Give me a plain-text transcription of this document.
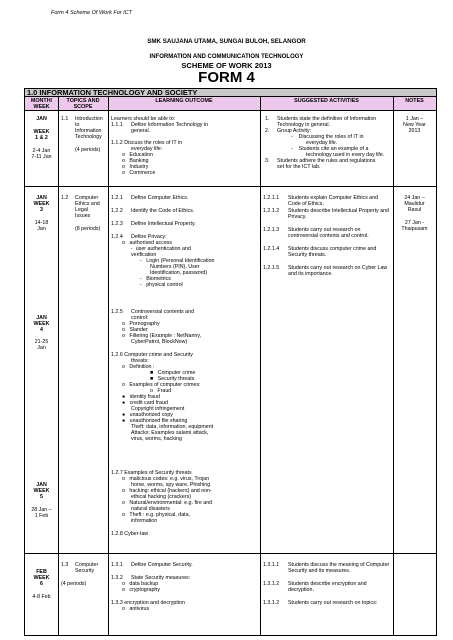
Form 4 Scheme Of Work For ICT
SMK SAUJANA UTAMA, SUNGAI BULOH, SELANGOR
INFORMATION AND COMMUNICATION TECHNOLOGY
SCHEME OF WORK 2013
FORM 4
1.0 INFORMATION TECHNOLOGY AND SOCIETY
MONTH/
WEEK
TOPICS AND
SCOPE
LEARNING OUTCOME	SUGGESTED ACTIVITIES	NOTES
JAN
WEEK
1 & 2
2-4 Jan
7-11 Jan
1.1 Introduction
to
Information
Technology
(4 periods)
Learners should be able to:
1.1.1 Define Information Technology in
general.
1.1.2 Discuss the roles of IT in
everyday life:
o   Education
o   Banking
o   Industry
o   Commerce
1. Students state the definition of Information
Technology in general.
2. Group Activity:
-    Discussing the roles of IT in
everyday life.
-    Students cite an example of a
technology used in every day life.
3. Students adhere the rules and regulations
set for the ICT lab.
1 Jan –
New Year
2013
JAN
WEEK
3
14-18
Jan
JAN
WEEK
4
21-25
Jan
JAN
WEEK
5
28 Jan –
1 Feb
1.2 Computer
Ethics and
Legal
Issues
(8 periods)
1.2.1 Define Computer Ethics.
1.2.2 Identify the Code of Ethics.
1.2.3 Define Intellectual Property.
1.2.4 Define Privacy:
o   authorised access
-  user authentication and
verification
-   Login (Personal Identification
Numbers (PIN), User
Identification, password)
-   Biometrics
-   physical control
1.2.5 Controversial contents and
control:
o   Pornography
o   Slander
o   Filtering (Example : NetNanny,
CyberPatrol, BlockNow)
1.2.6 Computer crime and Security
threats:
o   Definition :
■   Computer crime
■   Security threats
o   Examples of computer crimes:
o   Fraud
●   identity fraud
●   credit card fraud
Copyright infringement
●   unauthorized copy
●   unauthorized file sharing
Theft: data, information, equipment
Attacks: Examples salami attack,
virus, worms, hacking
1.2.7 Examples of Security threats
o   malicious codes: e.g. virus, Trojan
horse, worms, spy ware, Phishing
o   hacking: ethical (hackers) and non-
ethical hacking (crackers)
o   Natural/environmental: e.g. fire and
natural disasters
o   Theft : e.g. physical, data,
information
1.2.8 Cyber-law
1.2.1.1 Students explain Computer Ethics and
Code of Ethics.
1.2.1.2 Students describe Intellectual Property and
Privacy.
1.2.1.3 Students carry out research on
controversial contents and control.
1.2.1.4 Students discuss computer crime and
Security threats.
1.2.1.5 Students carry out research on Cyber Law
and its importance.
24 Jan –
Maulidur
Rasul
27 Jan -
Thaipusam
FEB
WEEK
6
4-8 Feb
1.3 Computer
Security
(4 periods)
1.3.1 Define Computer Security.
1.3.2 State Security measures:
o   data backup
o   cryptography
1.3.3 encryption and decryption
o   antivirus
1.3.1.1 Students discuss the meaning of Computer
Security and its measures.
1.3.1.2 Students describe encryption and
decryption.
1.3.1.2 Students carry out research on topics:
